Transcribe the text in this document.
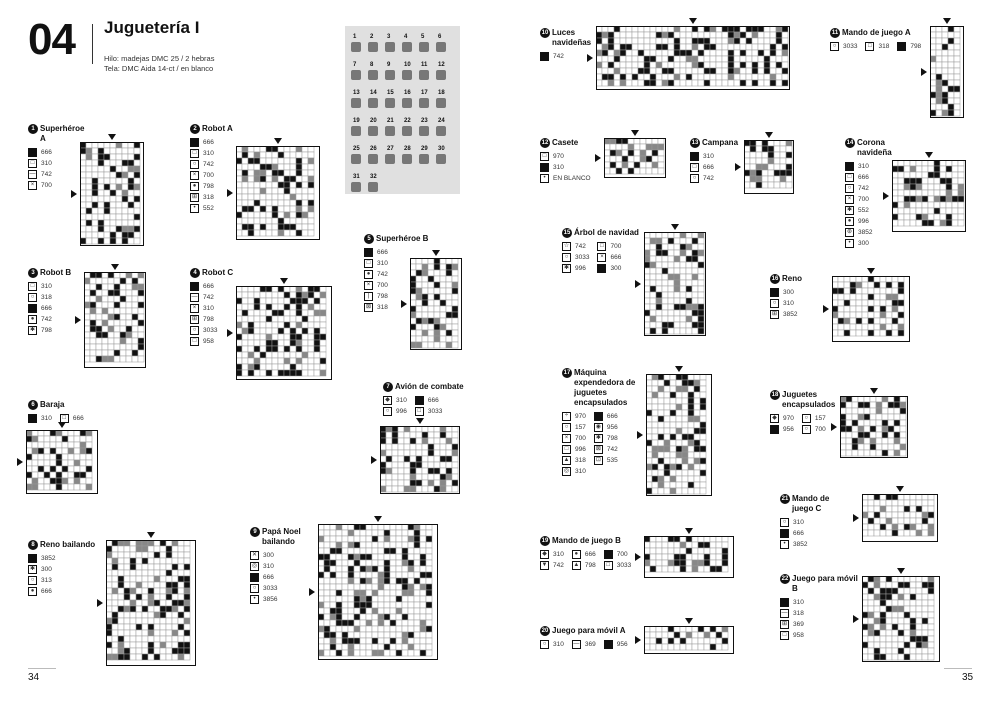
04 Juguetería I
Hilo: madejas DMC 25 / 2 hebras
Tela: DMC Aida 14-ct / en blanco
1 2 3 4 5 6
7 8 9 10 11 12
13 14 15 16 17 18
19 20 21 22 23 24
25 26 27 28 29 30
31 32
1 Superhéroe A
■	666
□	310
— 742
×	700
2 Robot A
■	666
□	310
○	742
×	700
●	798
⊞ 318
•	552
3 Robot B
□	310
○	318
■	666
●	742
✱ 798
4 Robot C
■	666
— 742
×	310
⊞ 798
○	3033
□	958
5 Superhéroe B
■	666
□	310
●	742
×	700
|	798
⊠ 318
6 Baraja
■	310	□	666
7 Avión de combate
◆ 310	■	666
○	996	□	3033
8 Reno bailando
■	3852
✱ 300
○	313
●	666
9 Papá Noel bailando
✕ 300
◎ 310
■	666
○	3033
•	3856
10 Luces navideñas
■	742
11 Mando de juego A
○	3033	□	318	■	798
12 Casete
□	970
■	310
•	EN BLANCO
13 Campana
■	310
□	666
○	742
14 Corona navideña
■	310
□	666
○	742
×	700
✱ 552
●	996
⊛ 3852
•	300
15 Árbol de navidad
☆ 742	□	700
○	3033	×	666
✱ 996	■	300
16 Reno
■	300
○	310
⊞ 3852
17 Máquina expendedora de juguetes encapsulados
÷	970	■	666
○	157	◉ 956
×	700	✱ 798
□	996	⊠ 742
▲ 318	⊡ 535
◎ 310
18 Juguetes encapsulados
◆ 970	○	157
■	956	○	700
19 Mando de juego B
◆ 310	●	666	■	700
▼ 742 ▲ 798	□	3033
20 Juego para móvil A
○	310 — 369	■	956
21 Mando de juego C
○	310
■	666
•	3852
22 Juego para móvil B
■	310
— 318
⊞ 369
□	958
34	35
